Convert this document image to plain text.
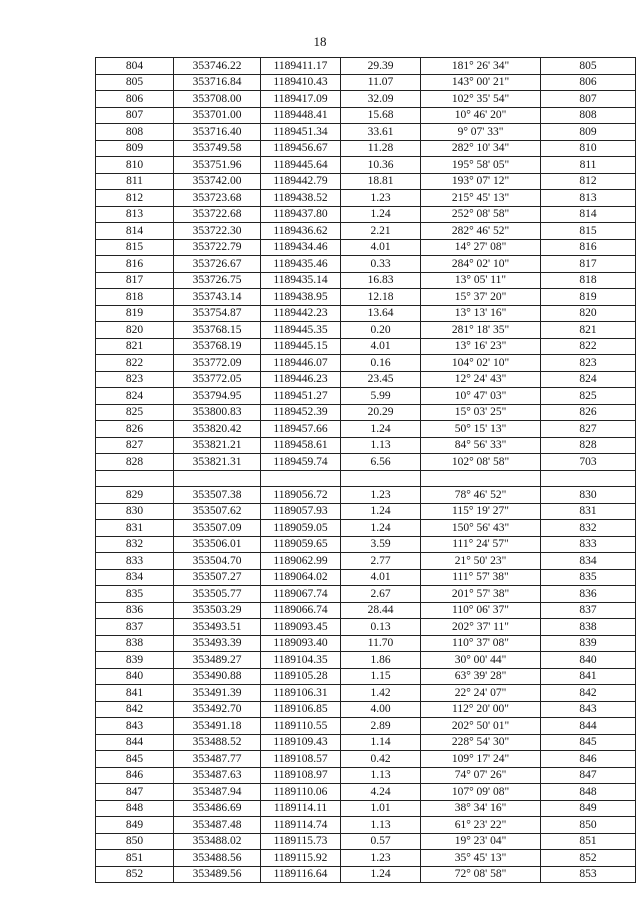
18
804	353746.22	1189411.17	29.39	181° 26' 34"	805
805	353716.84	1189410.43	11.07	143° 00' 21"	806
806	353708.00	1189417.09	32.09	102° 35' 54"	807
807	353701.00	1189448.41	15.68	10° 46' 20"	808
808	353716.40	1189451.34	33.61	9° 07' 33"	809
809	353749.58	1189456.67	11.28	282° 10' 34"	810
810	353751.96	1189445.64	10.36	195° 58' 05"	811
811	353742.00	1189442.79	18.81	193° 07' 12"	812
812	353723.68	1189438.52	1.23	215° 45' 13"	813
813	353722.68	1189437.80	1.24	252° 08' 58"	814
814	353722.30	1189436.62	2.21	282° 46' 52"	815
815	353722.79	1189434.46	4.01	14° 27' 08"	816
816	353726.67	1189435.46	0.33	284° 02' 10"	817
817	353726.75	1189435.14	16.83	13° 05' 11"	818
818	353743.14	1189438.95	12.18	15° 37' 20"	819
819	353754.87	1189442.23	13.64	13° 13' 16"	820
820	353768.15	1189445.35	0.20	281° 18' 35"	821
821	353768.19	1189445.15	4.01	13° 16' 23"	822
822	353772.09	1189446.07	0.16	104° 02' 10"	823
823	353772.05	1189446.23	23.45	12° 24' 43"	824
824	353794.95	1189451.27	5.99	10° 47' 03"	825
825	353800.83	1189452.39	20.29	15° 03' 25"	826
826	353820.42	1189457.66	1.24	50° 15' 13"	827
827	353821.21	1189458.61	1.13	84° 56' 33"	828
828	353821.31	1189459.74	6.56	102° 08' 58"	703

829	353507.38	1189056.72	1.23	78° 46' 52"	830
830	353507.62	1189057.93	1.24	115° 19' 27"	831
831	353507.09	1189059.05	1.24	150° 56' 43"	832
832	353506.01	1189059.65	3.59	111° 24' 57"	833
833	353504.70	1189062.99	2.77	21° 50' 23"	834
834	353507.27	1189064.02	4.01	111° 57' 38"	835
835	353505.77	1189067.74	2.67	201° 57' 38"	836
836	353503.29	1189066.74	28.44	110° 06' 37"	837
837	353493.51	1189093.45	0.13	202° 37' 11"	838
838	353493.39	1189093.40	11.70	110° 37' 08"	839
839	353489.27	1189104.35	1.86	30° 00' 44"	840
840	353490.88	1189105.28	1.15	63° 39' 28"	841
841	353491.39	1189106.31	1.42	22° 24' 07"	842
842	353492.70	1189106.85	4.00	112° 20' 00"	843
843	353491.18	1189110.55	2.89	202° 50' 01"	844
844	353488.52	1189109.43	1.14	228° 54' 30"	845
845	353487.77	1189108.57	0.42	109° 17' 24"	846
846	353487.63	1189108.97	1.13	74° 07' 26"	847
847	353487.94	1189110.06	4.24	107° 09' 08"	848
848	353486.69	1189114.11	1.01	38° 34' 16"	849
849	353487.48	1189114.74	1.13	61° 23' 22"	850
850	353488.02	1189115.73	0.57	19° 23' 04"	851
851	353488.56	1189115.92	1.23	35° 45' 13"	852
852	353489.56	1189116.64	1.24	72° 08' 58"	853
